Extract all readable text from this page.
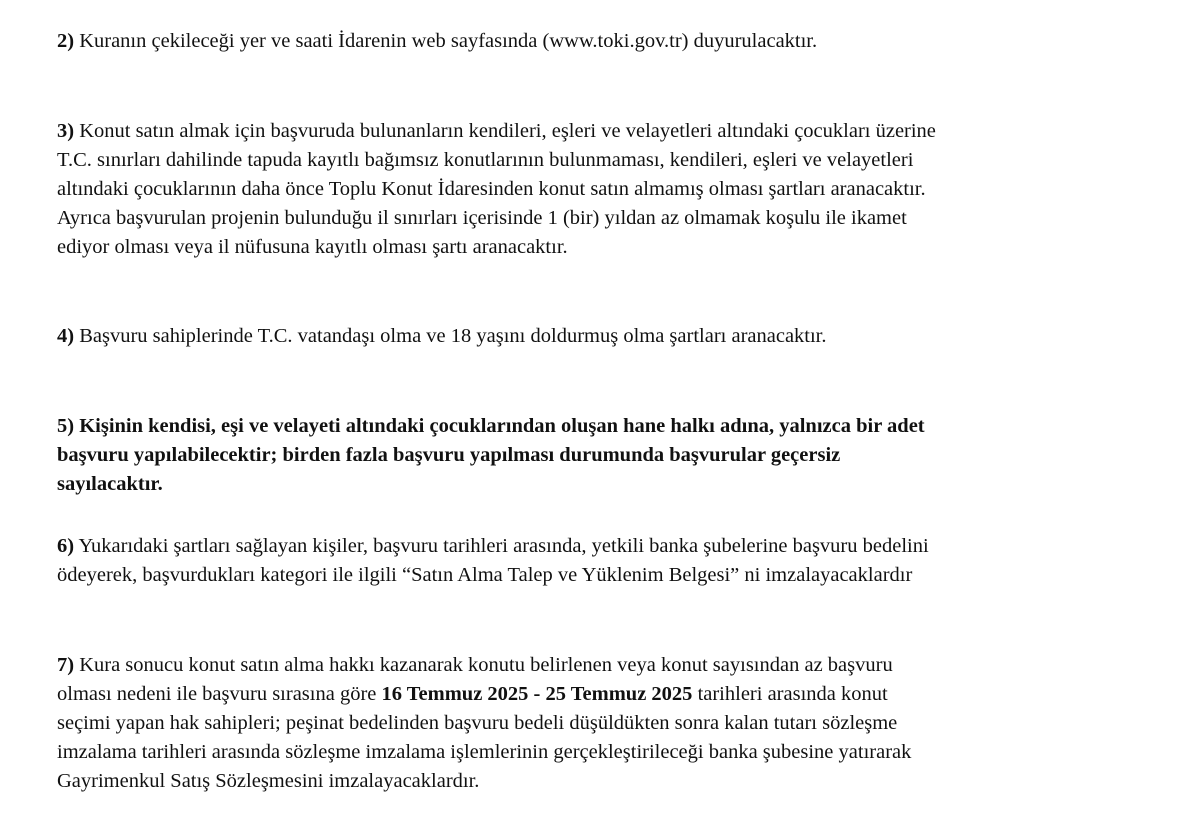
2) Kuranın çekileceği yer ve saati İdarenin web sayfasında (www.toki.gov.tr) duyurulacaktır.

3) Konut satın almak için başvuruda bulunanların kendileri, eşleri ve velayetleri altındaki çocukları üzerine
T.C. sınırları dahilinde tapuda kayıtlı bağımsız konutlarının bulunmaması, kendileri, eşleri ve velayetleri
altındaki çocuklarının daha önce Toplu Konut İdaresinden konut satın almamış olması şartları aranacaktır.
Ayrıca başvurulan projenin bulunduğu il sınırları içerisinde 1 (bir) yıldan az olmamak koşulu ile ikamet
ediyor olması veya il nüfusuna kayıtlı olması şartı aranacaktır.

4) Başvuru sahiplerinde T.C. vatandaşı olma ve 18 yaşını doldurmuş olma şartları aranacaktır.

5) Kişinin kendisi, eşi ve velayeti altındaki çocuklarından oluşan hane halkı adına, yalnızca bir adet
başvuru yapılabilecektir; birden fazla başvuru yapılması durumunda başvurular geçersiz
sayılacaktır.

6) Yukarıdaki şartları sağlayan kişiler, başvuru tarihleri arasında, yetkili banka şubelerine başvuru bedelini
ödeyerek, başvurdukları kategori ile ilgili “Satın Alma Talep ve Yüklenim Belgesi” ni imzalayacaklardır

7) Kura sonucu konut satın alma hakkı kazanarak konutu belirlenen veya konut sayısından az başvuru
olması nedeni ile başvuru sırasına göre 16 Temmuz 2025 - 25 Temmuz 2025 tarihleri arasında konut
seçimi yapan hak sahipleri; peşinat bedelinden başvuru bedeli düşüldükten sonra kalan tutarı sözleşme
imzalama tarihleri arasında sözleşme imzalama işlemlerinin gerçekleştirileceği banka şubesine yatırarak
Gayrimenkul Satış Sözleşmesini imzalayacaklardır.
